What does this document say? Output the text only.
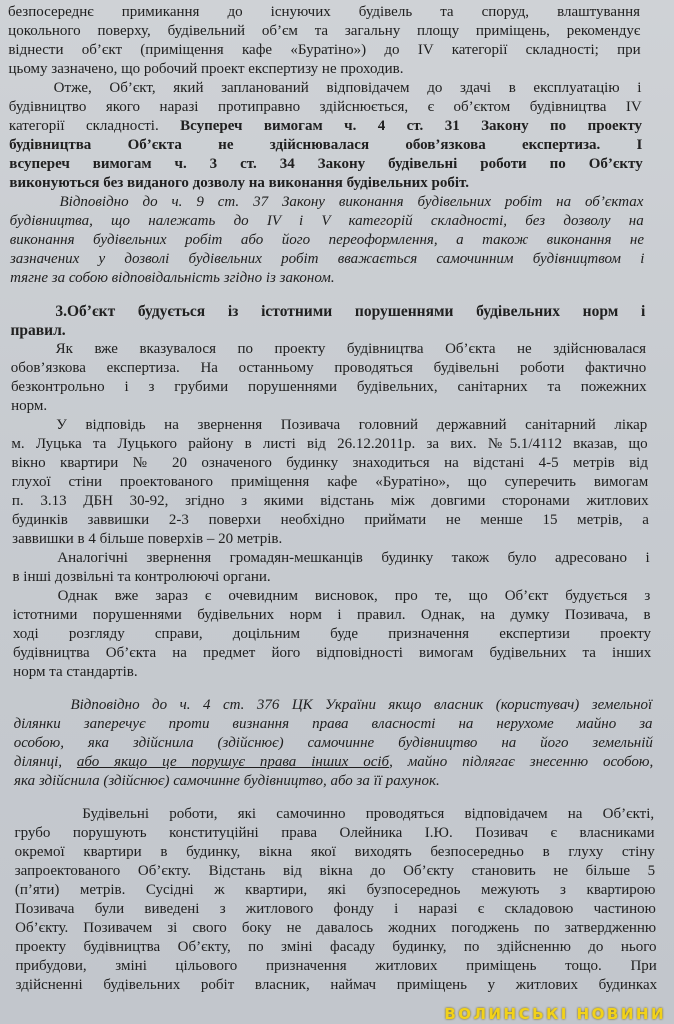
безпосереднє примикання до існуючих будівель та споруд, влаштування
цокольного поверху, будівельний об’єм та загальну площу приміщень, рекомендує
віднести об’єкт (приміщення кафе «Буратіно») до IV категорії складності; при
цьому зазначено, що робочий проект експертизу не проходив.
Отже, Об’єкт, який запланований відповідачем до здачі в експлуатацію і
будівництво якого наразі протиправно здійснюється, є об’єктом будівництва IV
категорії складності. Всупереч вимогам ч. 4 ст. 31 Закону по проекту
будівництва Об’єкта не здійснювалася обов’язкова експертиза. І
всупереч вимогам ч. 3 ст. 34 Закону будівельні роботи по Об’єкту
виконуються без виданого дозволу на виконання будівельних робіт.
Відповідно до ч. 9 ст. 37 Закону виконання будівельних робіт на об’єктах
будівництва, що належать до IV і V категорій складності, без дозволу на
виконання будівельних робіт або його переоформлення, а також виконання не
зазначених у дозволі будівельних робіт вважається самочинним будівництвом і
тягне за собою відповідальність згідно із законом.
3.Об’єкт будується із істотними порушеннями будівельних норм і
правил.
Як вже вказувалося по проекту будівництва Об’єкта не здійснювалася
обов’язкова експертиза. На останньому проводяться будівельні роботи фактично
безконтрольно і з грубими порушеннями будівельних, санітарних та пожежних
норм.
У відповідь на звернення Позивача головний державний санітарний лікар
м. Луцька та Луцького району в листі від 26.12.2011р. за вих. №5.1/4112 вказав, що
вікно квартири № 20 означеного будинку знаходиться на відстані 4-5 метрів від
глухої стіни проектованого приміщення кафе «Буратіно», що суперечить вимогам
п. 3.13 ДБН 30-92, згідно з якими відстань між довгими сторонами житлових
будинків заввишки 2-3 поверхи необхідно приймати не менше 15 метрів, а
заввишки в 4 більше поверхів – 20 метрів.
Аналогічні звернення громадян-мешканців будинку також було адресовано і
в інші дозвільні та контролюючі органи.
Однак вже зараз є очевидним висновок, про те, що Об’єкт будується з
істотними порушеннями будівельних норм і правил. Однак, на думку Позивача, в
ході розгляду справи, доцільним буде призначення експертизи проекту
будівництва Об’єкта на предмет його відповідності вимогам будівельних та інших
норм та стандартів.
Відповідно до ч. 4 ст. 376 ЦК України якщо власник (користувач) земельної
ділянки заперечує проти визнання права власності на нерухоме майно за
особою, яка здійснила (здійснює) самочинне будівництво на його земельній
ділянці, або якщо це порушує права інших осіб, майно підлягає знесенню особою,
яка здійснила (здійснює) самочинне будівництво, або за її рахунок.
Будівельні роботи, які самочинно проводяться відповідачем на Об’єкті,
грубо порушують конституційні права Олейника І.Ю. Позивач є власниками
окремої квартири в будинку, вікна якої виходять безпосередньо в глуху стіну
запроектованого Об’єкту. Відстань від вікна до Об’єкту становить не більше 5
(п’яти) метрів. Сусідні ж квартири, які бузпосередноь межують з квартирою
Позивача були виведені з житлового фонду і наразі є складовою частиною
Об’єкту. Позивачем зі свого боку не давалось жодних погоджень по затвердженню
проекту будівництва Об’єкту, по зміні фасаду будинку, по здійсненню до нього
прибудови, зміні цільового призначення житлових приміщень тощо. При
здійсненні будівельних робіт власник, наймач приміщень у житлових будинках
ВОЛИНСЬКІ НОВИНИ
